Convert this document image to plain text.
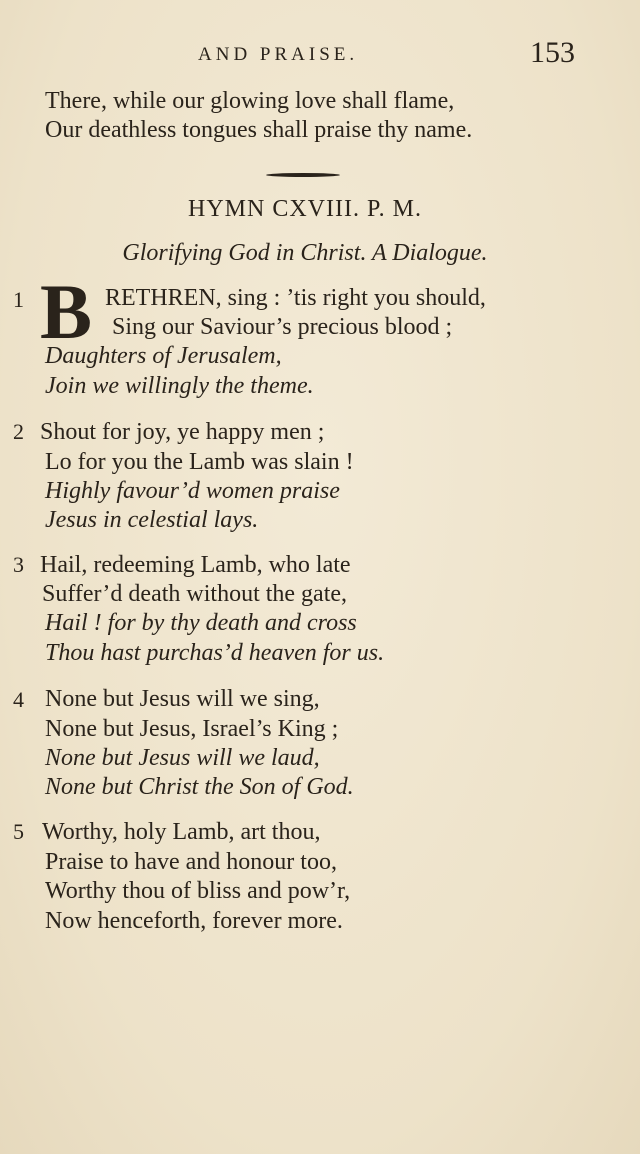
AND PRAISE.	153
There, while our glowing love shall flame,
Our deathless tongues shall praise thy name.
HYMN CXVIII. P. M.
Glorifying God in Christ. A Dialogue.
1 B RETHREN, sing : ’tis right you should,
Sing our Saviour’s precious blood ;
Daughters of Jerusalem,
Join we willingly the theme.
2 Shout for joy, ye happy men ;
Lo for you the Lamb was slain !
Highly favour’d women praise
Jesus in celestial lays.
3 Hail, redeeming Lamb, who late
Suffer’d death without the gate,
Hail ! for by thy death and cross
Thou hast purchas’d heaven for us.
4 None but Jesus will we sing,
None but Jesus, Israel’s King ;
None but Jesus will we laud,
None but Christ the Son of God.
5 Worthy, holy Lamb, art thou,
Praise to have and honour too,
Worthy thou of bliss and pow’r,
Now henceforth, forever more.
